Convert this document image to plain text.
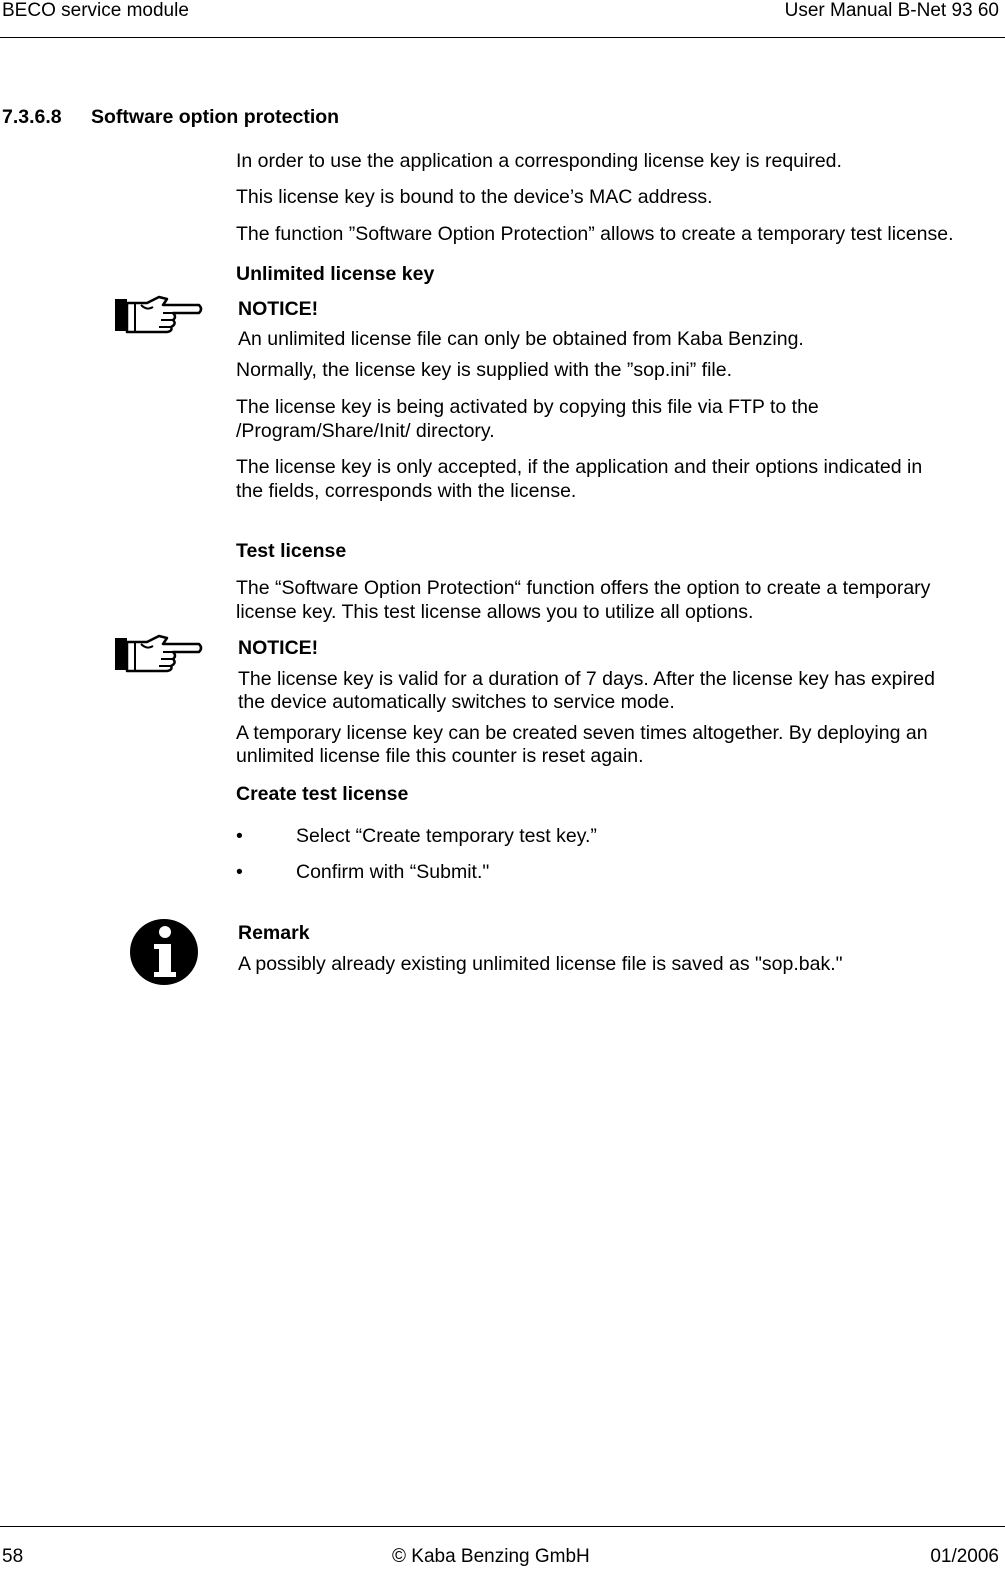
BECO service module	User Manual B-Net 93 60
7.3.6.8 Software option protection
In order to use the application a corresponding license key is required.
This license key is bound to the device’s MAC address.
The function ”Software Option Protection” allows to create a temporary test license.
Unlimited license key
NOTICE!
An unlimited license file can only be obtained from Kaba Benzing.
Normally, the license key is supplied with the ”sop.ini” file.
The license key is being activated by copying this file via FTP to the
/Program/Share/Init/ directory.
The license key is only accepted, if the application and their options indicated in
the fields, corresponds with the license.
Test license
The “Software Option Protection“ function offers the option to create a temporary
license key. This test license allows you to utilize all options.
NOTICE!
The license key is valid for a duration of 7 days. After the license key has expired
the device automatically switches to service mode.
A temporary license key can be created seven times altogether. By deploying an
unlimited license file this counter is reset again.
Create test license
•	Select “Create temporary test key.”
•	Confirm with “Submit."
Remark
A possibly already existing unlimited license file is saved as "sop.bak."
58	© Kaba Benzing GmbH	01/2006
